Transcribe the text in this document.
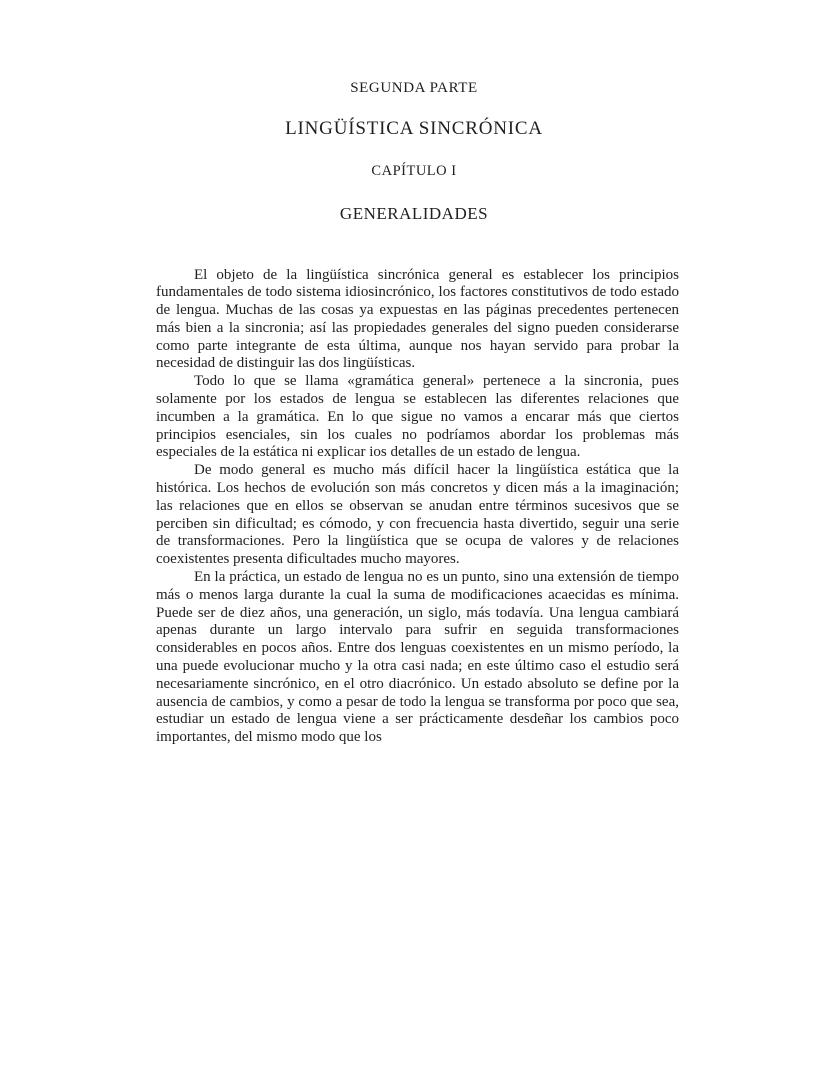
SEGUNDA PARTE
LINGÜÍSTICA SINCRÓNICA
CAPÍTULO I
GENERALIDADES

El objeto de la lingüística sincrónica general es establecer los principios fundamentales de todo sistema idiosincrónico, los factores constitutivos de todo estado de lengua. Muchas de las cosas ya expuestas en las páginas precedentes pertenecen más bien a la sincronia; así las propiedades generales del signo pueden considerarse como parte integrante de esta última, aunque nos hayan servido para probar la necesidad de distinguir las dos lingüísticas.

Todo lo que se llama «gramática general» pertenece a la sincronia, pues solamente por los estados de lengua se establecen las diferentes relaciones que incumben a la gramática. En lo que sigue no vamos a encarar más que ciertos principios esenciales, sin los cuales no podríamos abordar los problemas más especiales de la estática ni explicar ios detalles de un estado de lengua.

De modo general es mucho más difícil hacer la lingüística estática que la histórica. Los hechos de evolución son más concretos y dicen más a la imaginación; las relaciones que en ellos se observan se anudan entre términos sucesivos que se perciben sin dificultad; es cómodo, y con frecuencia hasta divertido, seguir una serie de transformaciones. Pero la lingüística que se ocupa de valores y de relaciones coexistentes presenta dificultades mucho mayores.

En la práctica, un estado de lengua no es un punto, sino una extensión de tiempo más o menos larga durante la cual la suma de modificaciones acaecidas es mínima. Puede ser de diez años, una generación, un siglo, más todavía. Una lengua cambiará apenas durante un largo intervalo para sufrir en seguida transformaciones considerables en pocos años. Entre dos lenguas coexistentes en un mismo período, la una puede evolucionar mucho y la otra casi nada; en este último caso el estudio será necesariamente sincrónico, en el otro diacrónico. Un estado absoluto se define por la ausencia de cambios, y como a pesar de todo la lengua se transforma por poco que sea, estudiar un estado de lengua viene a ser prácticamente desdeñar los cambios poco importantes, del mismo modo que los
